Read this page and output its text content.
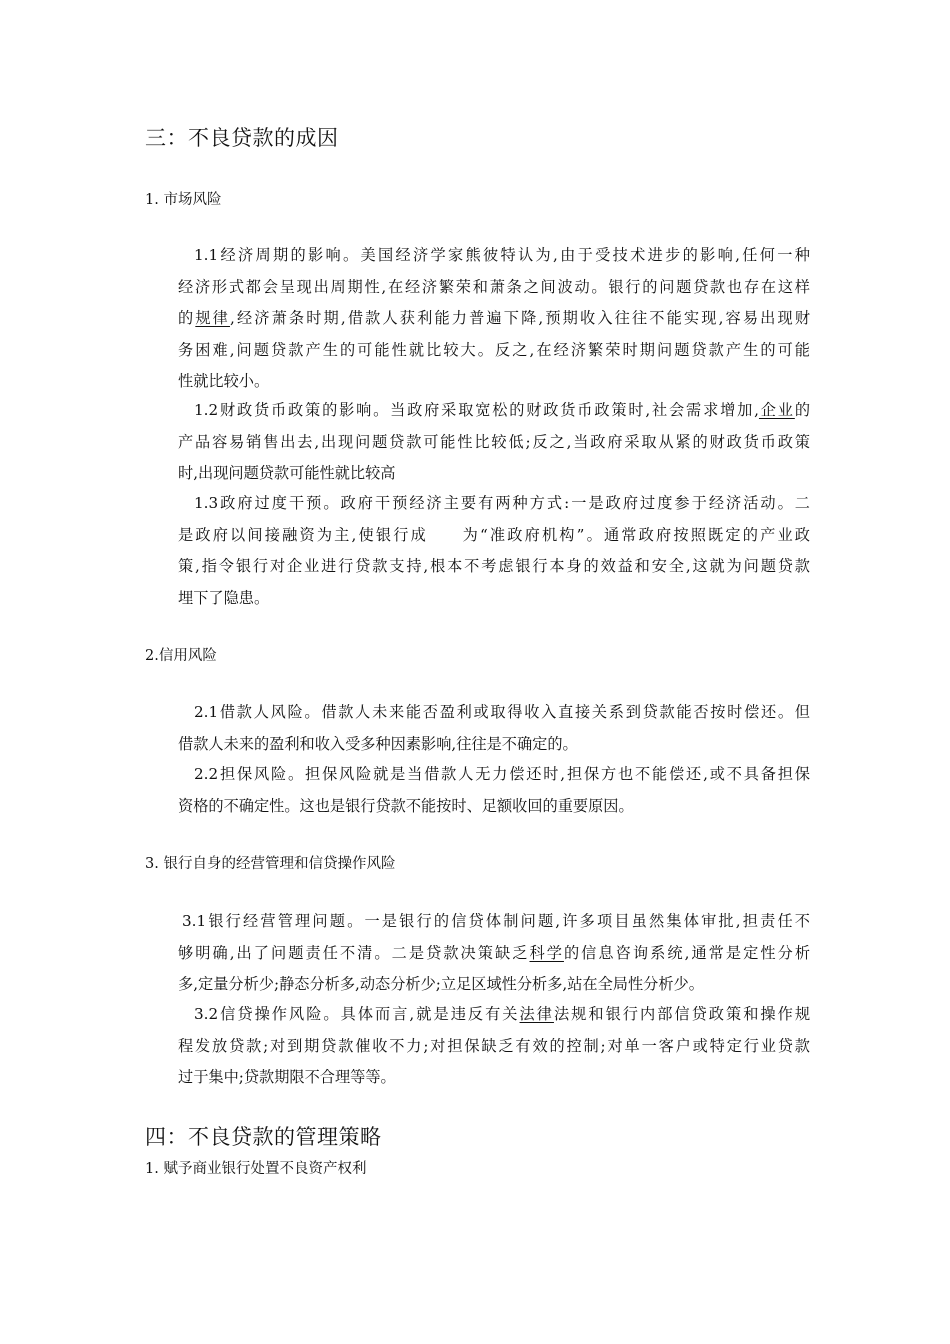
三：不良贷款的成因
1. 市场风险
1.1经济周期的影响。美国经济学家熊彼特认为,由于受技术进步的影响,任何一种
经济形式都会呈现出周期性,在经济繁荣和萧条之间波动。银行的问题贷款也存在这样
的规律,经济萧条时期,借款人获利能力普遍下降,预期收入往往不能实现,容易出现财
务困难,问题贷款产生的可能性就比较大。反之,在经济繁荣时期问题贷款产生的可能
性就比较小。
1.2财政货币政策的影响。当政府采取宽松的财政货币政策时,社会需求增加,企业的
产品容易销售出去,出现问题贷款可能性比较低;反之,当政府采取从紧的财政货币政策
时,出现问题贷款可能性就比较高
1.3政府过度干预。政府干预经济主要有两种方式:一是政府过度参于经济活动。二
是政府以间接融资为主,使银行成　　为“准政府机构”。通常政府按照既定的产业政
策,指令银行对企业进行贷款支持,根本不考虑银行本身的效益和安全,这就为问题贷款
埋下了隐患。
2.信用风险
2.1借款人风险。借款人未来能否盈利或取得收入直接关系到贷款能否按时偿还。但
借款人未来的盈利和收入受多种因素影响,往往是不确定的。
2.2担保风险。担保风险就是当借款人无力偿还时,担保方也不能偿还,或不具备担保
资格的不确定性。这也是银行贷款不能按时、足额收回的重要原因。
3. 银行自身的经营管理和信贷操作风险
3.1银行经营管理问题。一是银行的信贷体制问题,许多项目虽然集体审批,担责任不
够明确,出了问题责任不清。二是贷款决策缺乏科学的信息咨询系统,通常是定性分析
多,定量分析少;静态分析多,动态分析少;立足区域性分析多,站在全局性分析少。
3.2信贷操作风险。具体而言,就是违反有关法律法规和银行内部信贷政策和操作规
程发放贷款;对到期贷款催收不力;对担保缺乏有效的控制;对单一客户或特定行业贷款
过于集中;贷款期限不合理等等。
四：不良贷款的管理策略
1. 赋予商业银行处置不良资产权利
